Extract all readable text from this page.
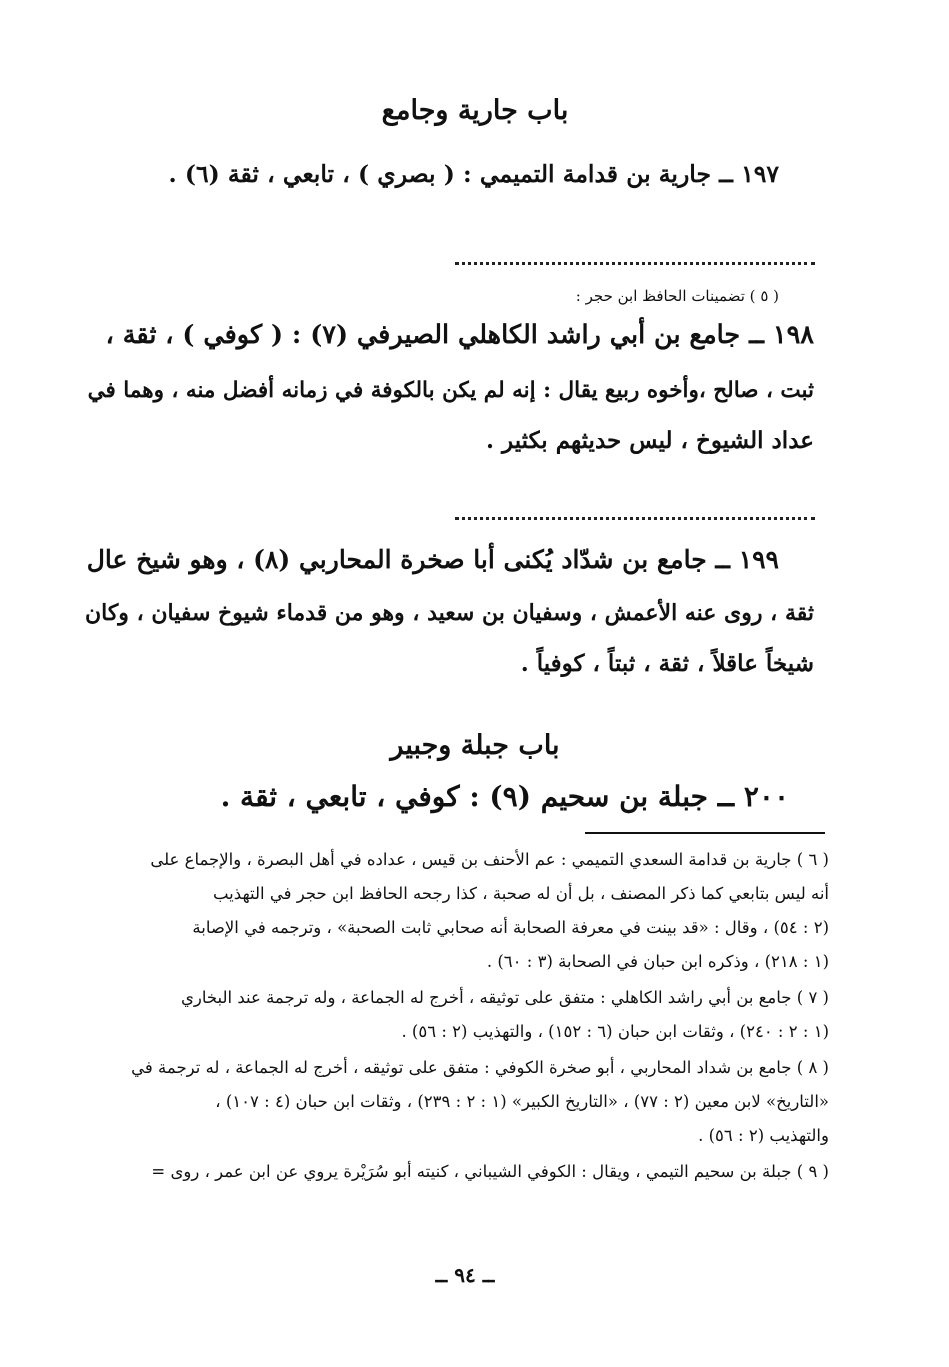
باب جارية وجامع
١٩٧ ــ جارية بن قدامة التميمي : ( بصري ) ، تابعي ، ثقة (٦) .
( ٥ ) تضمينات الحافظ ابن حجر :
١٩٨ ــ جامع بن أبي راشد الكاهلي الصيرفي (٧) : ( كوفي ) ، ثقة ،
ثبت ، صالح ،وأخوه ربيع يقال : إنه لم يكن بالكوفة في زمانه أفضل منه ، وهما في
عداد الشيوخ ، ليس حديثهم بكثير .
١٩٩ ــ جامع بن شدّاد يُكنى أبا صخرة المحاربي (٨) ، وهو شيخ عال
ثقة ، روى عنه الأعمش ، وسفيان بن سعيد ، وهو من قدماء شيوخ سفيان ، وكان
شيخاً عاقلاً ، ثقة ، ثبتاً ، كوفياً .
باب جبلة وجبير
٢٠٠ ــ جبلة بن سحيم (٩) : كوفي ، تابعي ، ثقة .
( ٦ ) جارية بن قدامة السعدي التميمي : عم الأحنف بن قيس ، عداده في أهل البصرة ، والإجماع على
أنه ليس بتابعي كما ذكر المصنف ، بل أن له صحبة ، كذا رجحه الحافظ ابن حجر في التهذيب
(٢ : ٥٤) ، وقال : «قد بينت في معرفة الصحابة أنه صحابي ثابت الصحبة» ، وترجمه في الإصابة
(١ : ٢١٨) ، وذكره ابن حبان في الصحابة (٣ : ٦٠) .
( ٧ ) جامع بن أبي راشد الكاهلي : متفق على توثيقه ، أخرج له الجماعة ، وله ترجمة عند البخاري
(١ : ٢ : ٢٤٠) ، وثقات ابن حبان (٦ : ١٥٢) ، والتهذيب (٢ : ٥٦) .
( ٨ ) جامع بن شداد المحاربي ، أبو صخرة الكوفي : متفق على توثيقه ، أخرج له الجماعة ، له ترجمة في
«التاريخ» لابن معين (٢ : ٧٧) ، «التاريخ الكبير» (١ : ٢ : ٢٣٩) ، وثقات ابن حبان (٤ : ١٠٧) ،
والتهذيب (٢ : ٥٦) .
( ٩ ) جبلة بن سحيم التيمي ، ويقال : الكوفي الشيباني ، كنيته أبو سُرَيْرة يروي عن ابن عمر ، روى =
ــ ٩٤ ــ
